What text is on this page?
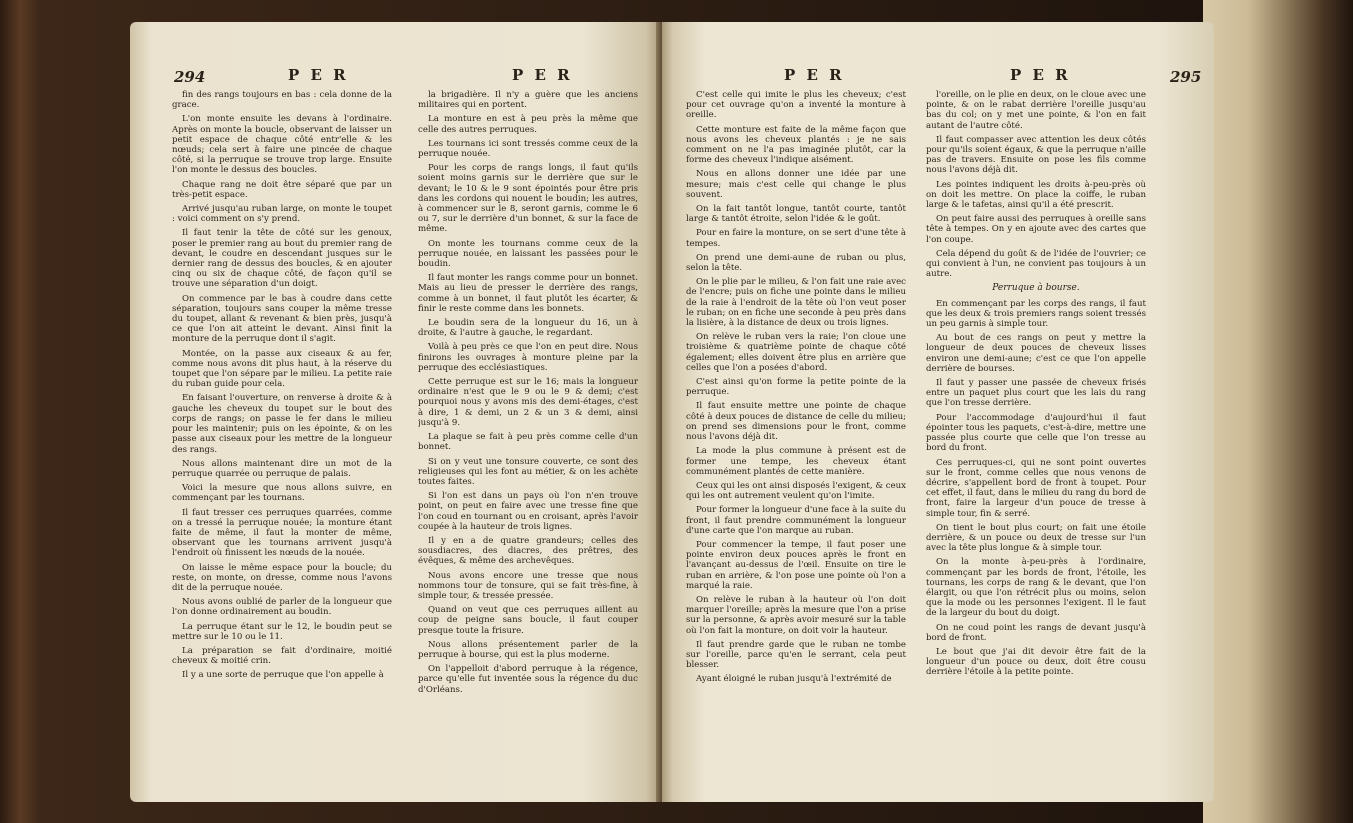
294	P E R	P E R

fin des rangs toujours en bas : cela donne de la grace.

L'on monte ensuite les devans à l'ordinaire. Après on monte la boucle, observant de laisser un petit espace de chaque côté entr'elle & les nœuds; cela sert à faire une pincée de chaque côté, si la perruque se trouve trop large. Ensuite l'on monte le dessus des boucles.

Chaque rang ne doit être séparé que par un très-petit espace.

Arrivé jusqu'au ruban large, on monte le toupet : voici comment on s'y prend.

Il faut tenir la tête de côté sur les genoux, poser le premier rang au bout du premier rang de devant, le coudre en descendant jusques sur le dernier rang de dessus des boucles, & en ajouter cinq ou six de chaque côté, de façon qu'il se trouve une séparation d'un doigt.

On commence par le bas à coudre dans cette séparation, toujours sans couper la même tresse du toupet, allant & revenant & bien près, jusqu'à ce que l'on ait atteint le devant. Ainsi finit la monture de la perruque dont il s'agit.

Montée, on la passe aux ciseaux & au fer, comme nous avons dit plus haut, à la réserve du toupet que l'on sépare par le milieu. La petite raie du ruban guide pour cela.

En faisant l'ouverture, on renverse à droite & à gauche les cheveux du toupet sur le bout des corps de rangs; on passe le fer dans le milieu pour les maintenir; puis on les épointe, & on les passe aux ciseaux pour les mettre de la longueur des rangs.

Nous allons maintenant dire un mot de la perruque quarrée ou perruque de palais.

Voici la mesure que nous allons suivre, en commençant par les tournans.

Il faut tresser ces perruques quarrées, comme on a tressé la perruque nouée; la monture étant faite de même, il faut la monter de même, observant que les tournans arrivent jusqu'à l'endroit où finissent les nœuds de la nouée.

On laisse le même espace pour la boucle; du reste, on monte, on dresse, comme nous l'avons dit de la perruque nouée.

Nous avons oublié de parler de la longueur que l'on donne ordinairement au boudin.

La perruque étant sur le 12, le boudin peut se mettre sur le 10 ou le 11.

La préparation se fait d'ordinaire, moitié cheveux & moitié crin.

Il y a une sorte de perruque que l'on appelle à

la brigadière. Il n'y a guère que les anciens militaires qui en portent.

La monture en est à peu près la même que celle des autres perruques.

Les tournans ici sont tressés comme ceux de la perruque nouée.

Pour les corps de rangs longs, il faut qu'ils soient moins garnis sur le derrière que sur le devant; le 10 & le 9 sont épointés pour être pris dans les cordons qui nouent le boudin; les autres, à commencer sur le 8, seront garnis, comme le 6 ou 7, sur le derrière d'un bonnet, & sur la face de même.

On monte les tournans comme ceux de la perruque nouée, en laissant les passées pour le boudin.

Il faut monter les rangs comme pour un bonnet. Mais au lieu de presser le derrière des rangs, comme à un bonnet, il faut plutôt les écarter, & finir le reste comme dans les bonnets.

Le boudin sera de la longueur du 16, un à droite, & l'autre à gauche, le regardant.

Voilà à peu près ce que l'on en peut dire. Nous finirons les ouvrages à monture pleine par la perruque des ecclésiastiques.

Cette perruque est sur le 16; mais la longueur ordinaire n'est que le 9 ou le 9 & demi; c'est pourquoi nous y avons mis des demi-étages, c'est à dire, 1 & demi, un 2 & un 3 & demi, ainsi jusqu'à 9.

La plaque se fait à peu près comme celle d'un bonnet.

Si on y veut une tonsure couverte, ce sont des religieuses qui les font au métier, & on les achète toutes faites.

Si l'on est dans un pays où l'on n'en trouve point, on peut en faire avec une tresse fine que l'on coud en tournant ou en croisant, après l'avoir coupée à la hauteur de trois lignes.

Il y en a de quatre grandeurs; celles des sousdiacres, des diacres, des prêtres, des évêques, & même des archevêques.

Nous avons encore une tresse que nous nommons tour de tonsure, qui se fait très-fine, à simple tour, & tressée pressée.

Quand on veut que ces perruques aillent au coup de peigne sans boucle, il faut couper presque toute la frisure.

Nous allons présentement parler de la perruque à bourse, qui est la plus moderne.

On l'appelloit d'abord perruque à la régence, parce qu'elle fut inventée sous la régence du duc d'Orléans.

P E R	P E R	295

C'est celle qui imite le plus les cheveux; c'est pour cet ouvrage qu'on a inventé la monture à oreille.

Cette monture est faite de la même façon que nous avons les cheveux plantés : je ne sais comment on ne l'a pas imaginée plutôt, car la forme des cheveux l'indique aisément.

Nous en allons donner une idée par une mesure; mais c'est celle qui change le plus souvent.

On la fait tantôt longue, tantôt courte, tantôt large & tantôt étroite, selon l'idée & le goût.

Pour en faire la monture, on se sert d'une tête à tempes.

On prend une demi-aune de ruban ou plus, selon la tête.

On le plie par le milieu, & l'on fait une raie avec de l'encre; puis on fiche une pointe dans le milieu de la raie à l'endroit de la tête où l'on veut poser le ruban; on en fiche une seconde à peu près dans la lisière, à la distance de deux ou trois lignes.

On relève le ruban vers la raie; l'on cloue une troisième & quatrième pointe de chaque côté également; elles doivent être plus en arrière que celles que l'on a posées d'abord.

C'est ainsi qu'on forme la petite pointe de la perruque.

Il faut ensuite mettre une pointe de chaque côté à deux pouces de distance de celle du milieu; on prend ses dimensions pour le front, comme nous l'avons déjà dit.

La mode la plus commune à présent est de former une tempe, les cheveux étant communément plantés de cette manière.

Ceux qui les ont ainsi disposés l'exigent, & ceux qui les ont autrement veulent qu'on l'imite.

Pour former la longueur d'une face à la suite du front, il faut prendre communément la longueur d'une carte que l'on marque au ruban.

Pour commencer la tempe, il faut poser une pointe environ deux pouces après le front en l'avançant au-dessus de l'œil. Ensuite on tire le ruban en arrière, & l'on pose une pointe où l'on a marqué la raie.

On relève le ruban à la hauteur où l'on doit marquer l'oreille; après la mesure que l'on a prise sur la personne, & après avoir mesuré sur la table où l'on fait la monture, on doit voir la hauteur.

Il faut prendre garde que le ruban ne tombe sur l'oreille, parce qu'en le serrant, cela peut blesser.

Ayant éloigné le ruban jusqu'à l'extrémité de

l'oreille, on le plie en deux, on le cloue avec une pointe, & on le rabat derrière l'oreille jusqu'au bas du col; on y met une pointe, & l'on en fait autant de l'autre côté.

Il faut compasser avec attention les deux côtés pour qu'ils soient égaux, & que la perruque n'aille pas de travers. Ensuite on pose les fils comme nous l'avons déjà dit.

Les pointes indiquent les droits à-peu-près où on doit les mettre. On place la coiffe, le ruban large & le tafetas, ainsi qu'il a été prescrit.

On peut faire aussi des perruques à oreille sans tête à tempes. On y en ajoute avec des cartes que l'on coupe.

Cela dépend du goût & de l'idée de l'ouvrier; ce qui convient à l'un, ne convient pas toujours à un autre.

Perruque à bourse.

En commençant par les corps des rangs, il faut que les deux & trois premiers rangs soient tressés un peu garnis à simple tour.

Au bout de ces rangs on peut y mettre la longueur de deux pouces de cheveux lisses environ une demi-aune; c'est ce que l'on appelle derrière de bourses.

Il faut y passer une passée de cheveux frisés entre un paquet plus court que les lais du rang que l'on tresse derrière.

Pour l'accommodage d'aujourd'hui il faut épointer tous les paquets, c'est-à-dire, mettre une passée plus courte que celle que l'on tresse au bord du front.

Ces perruques-ci, qui ne sont point ouvertes sur le front, comme celles que nous venons de décrire, s'appellent bord de front à toupet. Pour cet effet, il faut, dans le milieu du rang du bord de front, faire la largeur d'un pouce de tresse à simple tour, fin & serré.

On tient le bout plus court; on fait une étoile derrière, & un pouce ou deux de tresse sur l'un avec la tête plus longue & à simple tour.

On la monte à-peu-près à l'ordinaire, commençant par les bords de front, l'étoile, les tournans, les corps de rang & le devant, que l'on élargit, ou que l'on rétrécit plus ou moins, selon que la mode ou les personnes l'exigent. Il le faut de la largeur du bout du doigt.

On ne coud point les rangs de devant jusqu'à bord de front.

Le bout que j'ai dit devoir être fait de la longueur d'un pouce ou deux, doit être cousu derrière l'étoile à la petite pointe.
